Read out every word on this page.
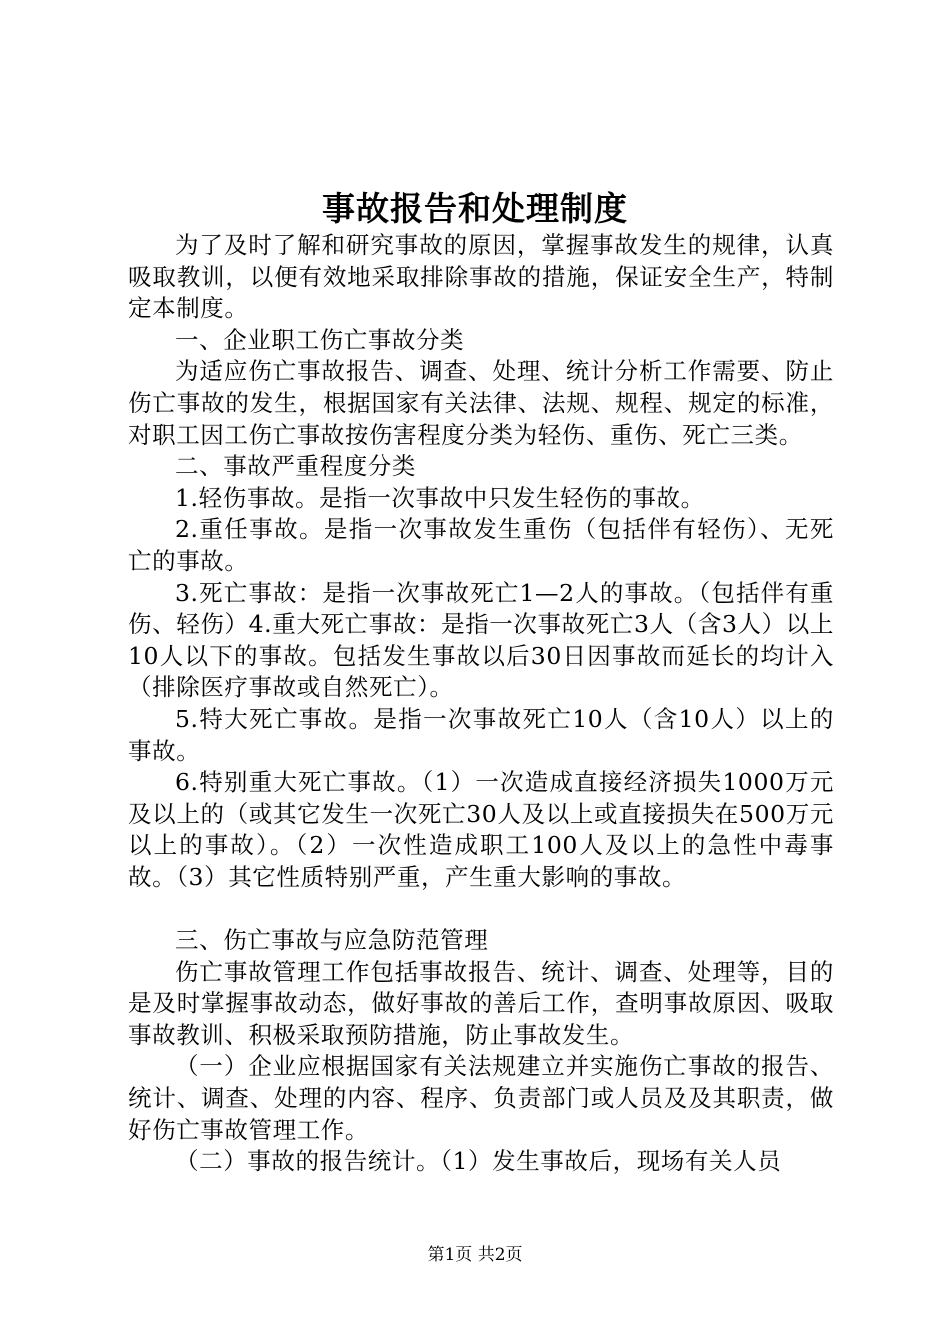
事故报告和处理制度

为了及时了解和研究事故的原因，掌握事故发生的规律，认真吸取教训，以便有效地采取排除事故的措施，保证安全生产，特制定本制度。

一、企业职工伤亡事故分类

为适应伤亡事故报告、调查、处理、统计分析工作需要、防止伤亡事故的发生，根据国家有关法律、法规、规程、规定的标准，对职工因工伤亡事故按伤害程度分类为轻伤、重伤、死亡三类。

二、事故严重程度分类

1.轻伤事故。是指一次事故中只发生轻伤的事故。

2.重任事故。是指一次事故发生重伤（包括伴有轻伤）、无死亡的事故。

3.死亡事故：是指一次事故死亡1—2人的事故。（包括伴有重伤、轻伤）4.重大死亡事故：是指一次事故死亡3人（含3人）以上10人以下的事故。包括发生事故以后30日因事故而延长的均计入（排除医疗事故或自然死亡）。

5.特大死亡事故。是指一次事故死亡10人（含10人）以上的事故。

6.特别重大死亡事故。（1）一次造成直接经济损失1000万元及以上的（或其它发生一次死亡30人及以上或直接损失在500万元以上的事故）。（2）一次性造成职工100人及以上的急性中毒事故。（3）其它性质特别严重，产生重大影响的事故。

三、伤亡事故与应急防范管理

伤亡事故管理工作包括事故报告、统计、调查、处理等，目的是及时掌握事故动态，做好事故的善后工作，查明事故原因、吸取事故教训、积极采取预防措施，防止事故发生。

（一）企业应根据国家有关法规建立并实施伤亡事故的报告、统计、调查、处理的内容、程序、负责部门或人员及及其职责，做好伤亡事故管理工作。

（二）事故的报告统计。（1）发生事故后，现场有关人员

第1页 共2页
